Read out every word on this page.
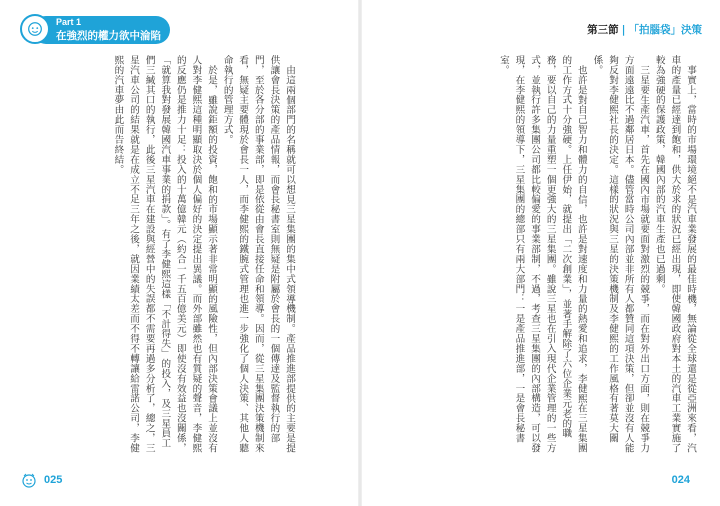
Part 1
在強烈的權力欲中淪陷

由這兩個部門的名稱就可以想見三星集團的集中式領導機制。產品推進部提供的主要是提供讓會長決策的產品情報，而會長秘書室則無疑是附屬於會長的一個傳達及監督執行的部門，至於各分部的事業部，即是依從由會長直接任命和領導。因而，從三星集團決策機制來看，無疑主要體現於會長一人，而李健熙的鐵腕式管理也進一步強化了個人決策、其他人聽命執行的管理方式。

於是，雖說鉅額的投資，飽和的市場顯示著非常明顯的風險性，但內部決策會議上並沒有人對李健熙這種明顯取決於個人偏好的決定提出異議。而外部雖然也有質疑的聲音，李健熙的反應仍是推力十足：投入的十萬億韓元（約合一千五百億美元）即使沒有效益也沒關係，「就算我對發展韓國汽車事業的捐款」。有了李健熙這樣「不計得失」的投入，及三星員工們三緘其口的執行，此後三星汽車在建設與經營中的失誤都不需要再過多分析了，總之，三星汽車公司的結果就是在成立不足三年之後，就因業績太差而不得不轉讓給雷諾公司，李健熙的汽車夢由此而告終結。

025
第三節 | 「拍腦袋」決策

事實上，當時的市場環境絕不是汽車業發展的最佳時機，無論從全球還是從亞洲來看，汽車的產量已經達到飽和，供大於求的狀況已經出現，即使韓國政府對本土的汽車工業實施了較為強硬的保護政策，韓國內部的汽車生產也已過剩。

三星要生產汽車，首先在國內市場就要面對激烈的競爭，而在對外出口方面，則在競爭力方面遠遠比不過鄰居日本。儘管當時公司內部並非所有人都贊同這項決策，但卻並沒有人能夠反對李健熙社長的決定。這樣的狀況與三星的決策機制及李健熙的工作風格有著莫大關係。

也許是對自己智力和體力的自信，也許是對速度和力量的熱愛和追求，李健熙在三星集團的工作方式十分強硬。上任伊始，就提出「二次創業」，並著手解除了六位企業元老的職務，要以自己的力量重塑一個更強大的三星集團。雖說三星也在引入現代企業管理的一些方式，並執行許多集團公司都比較偏愛的事業部制，不過，考查三星集團的內部構造，可以發現，在李健熙的領導下，三星集團的總部只有兩大部門：一是產品推進部，一是會長秘書室。

024
